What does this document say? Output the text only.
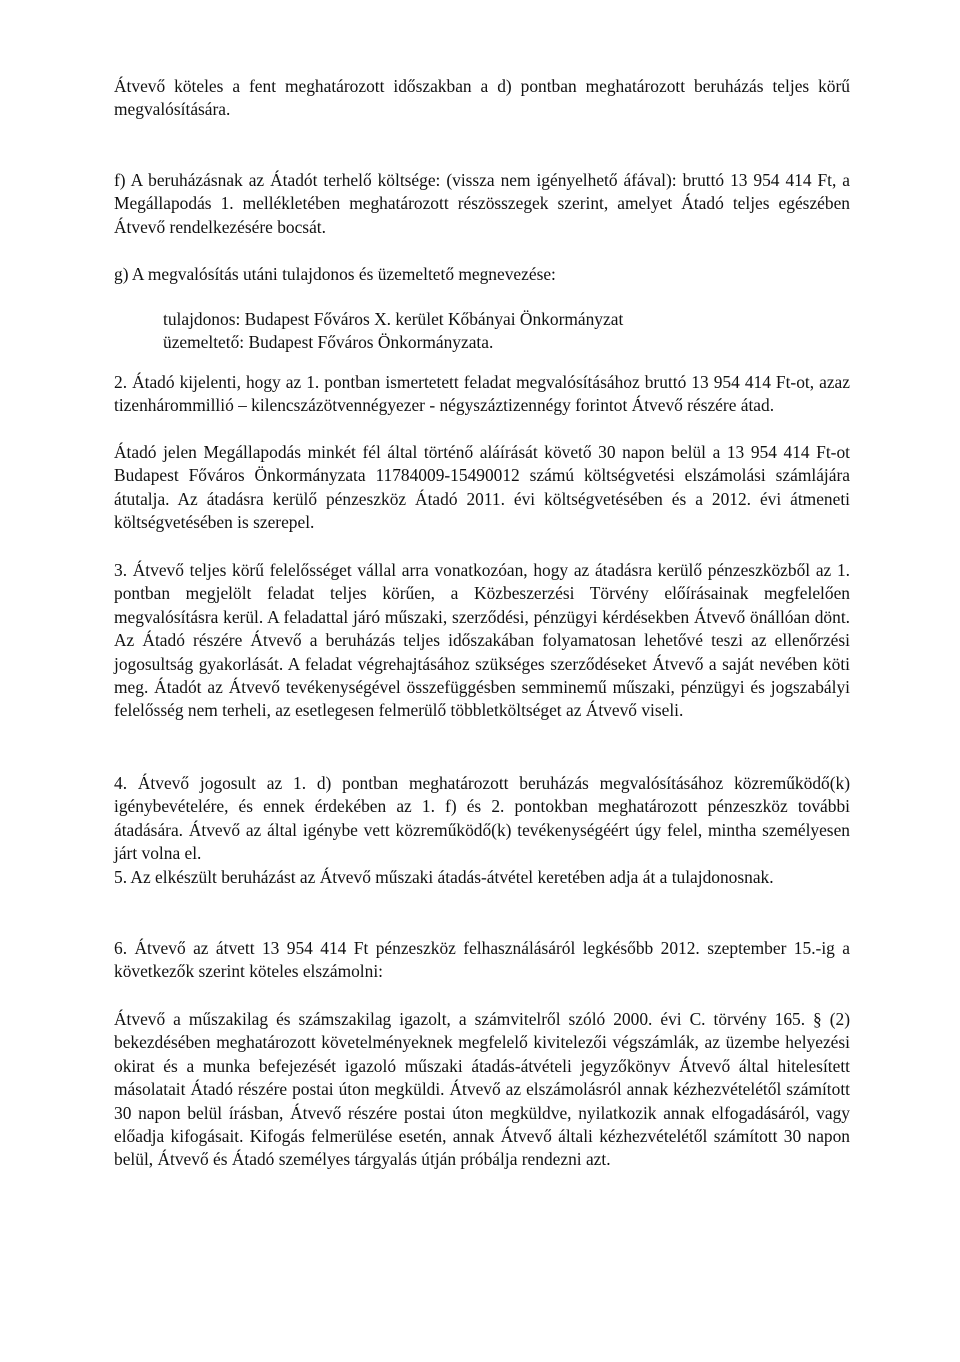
Átvevő köteles a fent meghatározott időszakban a d) pontban meghatározott beruházás teljes körű megvalósítására.

f) A beruházásnak az Átadót terhelő költsége: (vissza nem igényelhető áfával): bruttó 13 954 414 Ft, a Megállapodás 1. mellékletében meghatározott részösszegek szerint, amelyet Átadó teljes egészében Átvevő rendelkezésére bocsát.

g) A megvalósítás utáni tulajdonos és üzemeltető megnevezése:

tulajdonos: Budapest Főváros X. kerület Kőbányai Önkormányzat

üzemeltető: Budapest Főváros Önkormányzata.

2. Átadó kijelenti, hogy az 1. pontban ismertetett feladat megvalósításához bruttó 13 954 414 Ft-ot, azaz tizenhárommillió – kilencszázötvennégyezer - négyszáztizennégy forintot Átvevő részére átad.

Átadó jelen Megállapodás minkét fél által történő aláírását követő 30 napon belül a 13 954 414 Ft-ot Budapest Főváros Önkormányzata 11784009-15490012 számú költségvetési elszámolási számlájára átutalja. Az átadásra kerülő pénzeszköz Átadó 2011. évi költségvetésében és a 2012. évi átmeneti költségvetésében is szerepel.

3. Átvevő teljes körű felelősséget vállal arra vonatkozóan, hogy az átadásra kerülő pénzeszközből az 1. pontban megjelölt feladat teljes körűen, a Közbeszerzési Törvény előírásainak megfelelően megvalósításra kerül. A feladattal járó műszaki, szerződési, pénzügyi kérdésekben Átvevő önállóan dönt. Az Átadó részére Átvevő a beruházás teljes időszakában folyamatosan lehetővé teszi az ellenőrzési jogosultság gyakorlását. A feladat végrehajtásához szükséges szerződéseket Átvevő a saját nevében köti meg. Átadót az Átvevő tevékenységével összefüggésben semminemű műszaki, pénzügyi és jogszabályi felelősség nem terheli, az esetlegesen felmerülő többletköltséget az Átvevő viseli.

4. Átvevő jogosult az 1. d) pontban meghatározott beruházás megvalósításához közreműködő(k) igénybevételére, és ennek érdekében az 1. f) és 2. pontokban meghatározott pénzeszköz további átadására. Átvevő az által igénybe vett közreműködő(k) tevékenységéért úgy felel, mintha személyesen járt volna el.

5. Az elkészült beruházást az Átvevő műszaki átadás-átvétel keretében adja át a tulajdonosnak.

6. Átvevő az átvett 13 954 414 Ft pénzeszköz felhasználásáról legkésőbb 2012. szeptember 15.-ig a következők szerint köteles elszámolni:

Átvevő a műszakilag és számszakilag igazolt, a számvitelről szóló 2000. évi C. törvény 165. § (2) bekezdésében meghatározott követelményeknek megfelelő kivitelezői végszámlák, az üzembe helyezési okirat és a munka befejezését igazoló műszaki átadás-átvételi jegyzőkönyv Átvevő által hitelesített másolatait Átadó részére postai úton megküldi. Átvevő az elszámolásról annak kézhezvételétől számított 30 napon belül írásban, Átvevő részére postai úton megküldve, nyilatkozik annak elfogadásáról, vagy előadja kifogásait. Kifogás felmerülése esetén, annak Átvevő általi kézhezvételétől számított 30 napon belül, Átvevő és Átadó személyes tárgyalás útján próbálja rendezni azt.
